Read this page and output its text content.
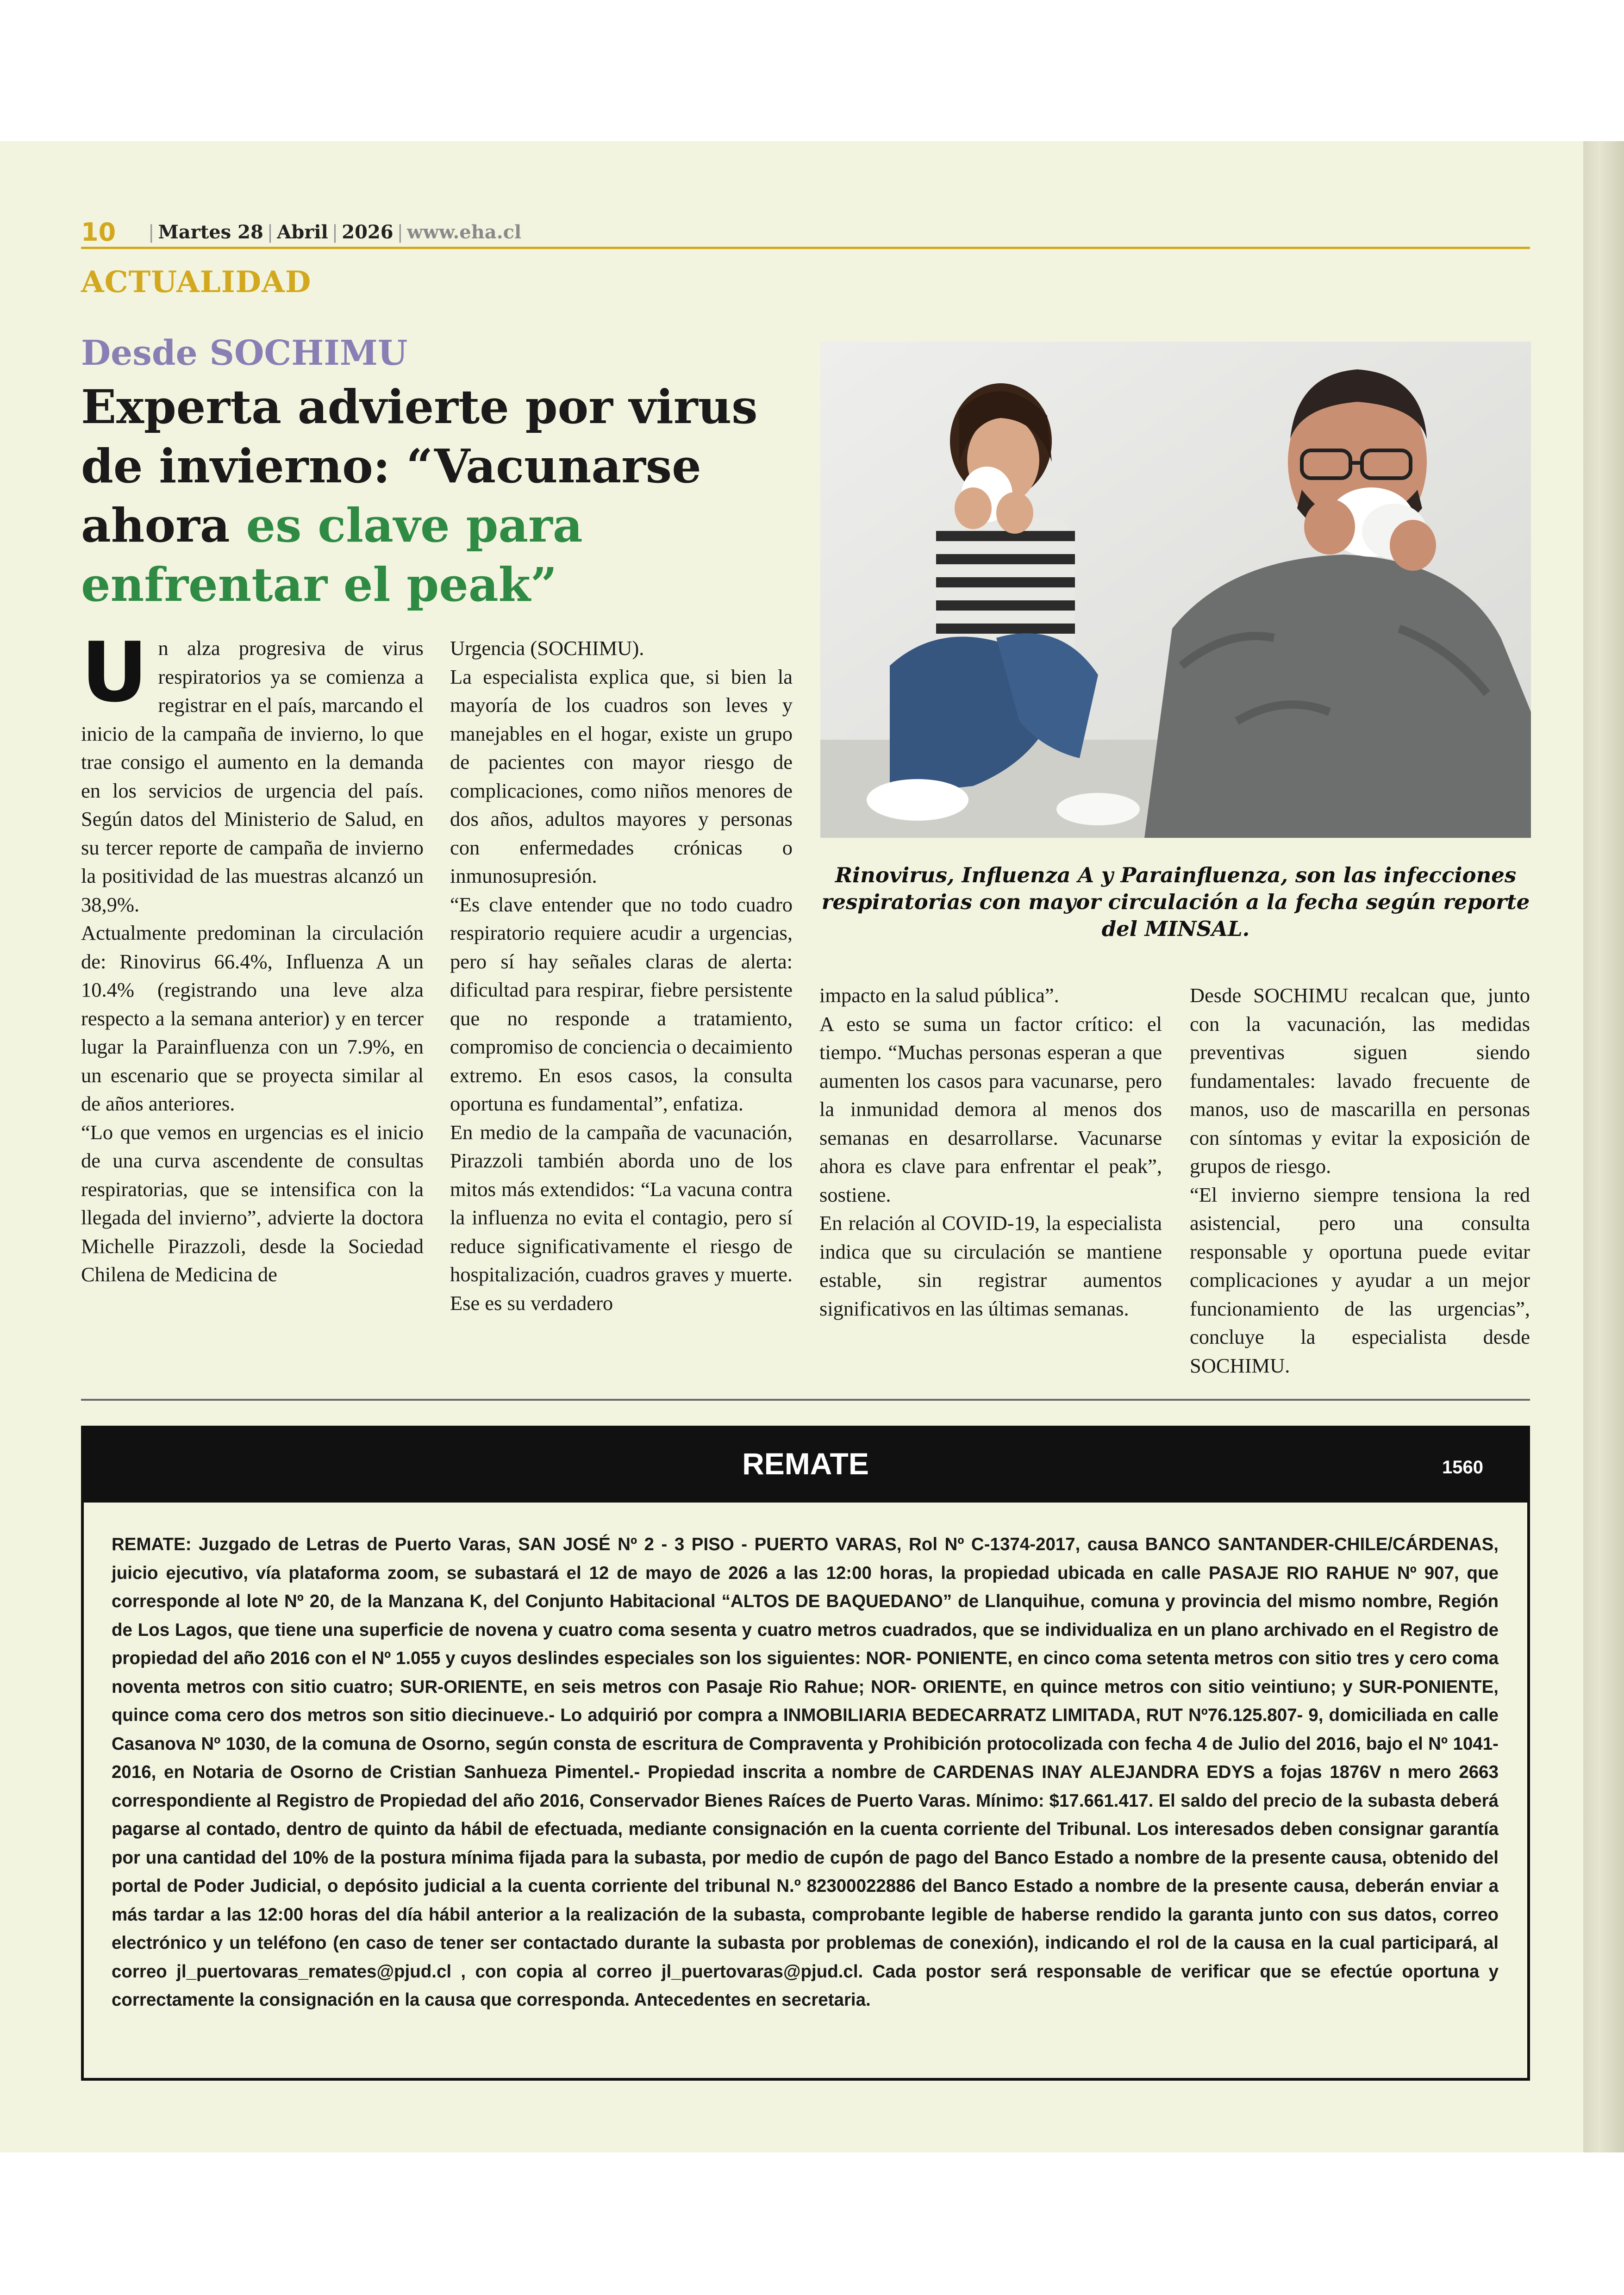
10 | Martes 28 | Abril | 2026 | www.eha.cl
ACTUALIDAD
Desde SOCHIMU
Experta advierte por virus de invierno: “Vacunarse ahora es clave para enfrentar el peak”
U n alza progresiva de virus respiratorios ya se comienza a registrar en el país, marcando el inicio de la campaña de invierno, lo que trae consigo el aumento en la demanda en los servicios de urgencia del país. Según datos del Ministerio de Salud, en su tercer reporte de campaña de invierno la positividad de las muestras alcanzó un 38,9%.

Actualmente predominan la circulación de: Rinovirus 66.4%, Influenza A un 10.4% (registrando una leve alza respecto a la semana anterior) y en tercer lugar la Parainfluenza con un 7.9%, en un escenario que se proyecta similar al de años anteriores.

“Lo que vemos en urgencias es el inicio de una curva ascendente de consultas respiratorias, que se intensifica con la llegada del invierno”, advierte la doctora Michelle Pirazzoli, desde la Sociedad Chilena de Medicina de

Urgencia (SOCHIMU).

La especialista explica que, si bien la mayoría de los cuadros son leves y manejables en el hogar, existe un grupo de pacientes con mayor riesgo de complicaciones, como niños menores de dos años, adultos mayores y personas con enfermedades crónicas o inmunosupresión.

“Es clave entender que no todo cuadro respiratorio requiere acudir a urgencias, pero sí hay señales claras de alerta: dificultad para respirar, fiebre persistente que no responde a tratamiento, compromiso de conciencia o decaimiento extremo. En esos casos, la consulta oportuna es fundamental”, enfatiza.

En medio de la campaña de vacunación, Pirazzoli también aborda uno de los mitos más extendidos: “La vacuna contra la influenza no evita el contagio, pero sí reduce significativamente el riesgo de hospitalización, cuadros graves y muerte. Ese es su verdadero

Rinovirus, Influenza A y Parainfluenza, son las infecciones respiratorias con mayor circulación a la fecha según reporte del MINSAL.

impacto en la salud pública”.

A esto se suma un factor crítico: el tiempo. “Muchas personas esperan a que aumenten los casos para vacunarse, pero la inmunidad demora al menos dos semanas en desarrollarse. Vacunarse ahora es clave para enfrentar el peak”, sostiene.

En relación al COVID-19, la especialista indica que su circulación se mantiene estable, sin registrar aumentos significativos en las últimas semanas.

Desde SOCHIMU recalcan que, junto con la vacunación, las medidas preventivas siguen siendo fundamentales: lavado frecuente de manos, uso de mascarilla en personas con síntomas y evitar la exposición de grupos de riesgo.

“El invierno siempre tensiona la red asistencial, pero una consulta responsable y oportuna puede evitar complicaciones y ayudar a un mejor funcionamiento de las urgencias”, concluye la especialista desde SOCHIMU.

REMATE	1560

REMATE: Juzgado de Letras de Puerto Varas, SAN JOSÉ Nº 2 - 3 PISO - PUERTO VARAS, Rol Nº C-1374-2017, causa BANCO SANTANDER-CHILE/CÁRDENAS, juicio ejecutivo, vía plataforma zoom, se subastará el 12 de mayo de 2026 a las 12:00 horas, la propiedad ubicada en calle PASAJE RIO RAHUE Nº 907, que corresponde al lote Nº 20, de la Manzana K, del Conjunto Habitacional “ALTOS DE BAQUEDANO” de Llanquihue, comuna y provincia del mismo nombre, Región de Los Lagos, que tiene una superficie de novena y cuatro coma sesenta y cuatro metros cuadrados, que se individualiza en un plano archivado en el Registro de propiedad del año 2016 con el Nº 1.055 y cuyos deslindes especiales son los siguientes: NOR- PONIENTE, en cinco coma setenta metros con sitio tres y cero coma noventa metros con sitio cuatro; SUR-ORIENTE, en seis metros con Pasaje Rio Rahue; NOR- ORIENTE, en quince metros con sitio veintiuno; y SUR-PONIENTE, quince coma cero dos metros son sitio diecinueve.- Lo adquirió por compra a INMOBILIARIA BEDECARRATZ LIMITADA, RUT Nº76.125.807- 9, domiciliada en calle Casanova Nº 1030, de la comuna de Osorno, según consta de escritura de Compraventa y Prohibición protocolizada con fecha 4 de Julio del 2016, bajo el Nº 1041-2016, en Notaria de Osorno de Cristian Sanhueza Pimentel.- Propiedad inscrita a nombre de CARDENAS INAY ALEJANDRA EDYS a fojas 1876V n mero 2663 correspondiente al Registro de Propiedad del año 2016, Conservador Bienes Raíces de Puerto Varas. Mínimo: $17.661.417. El saldo del precio de la subasta deberá pagarse al contado, dentro de quinto da hábil de efectuada, mediante consignación en la cuenta corriente del Tribunal. Los interesados deben consignar garantía por una cantidad del 10% de la postura mínima fijada para la subasta, por medio de cupón de pago del Banco Estado a nombre de la presente causa, obtenido del portal de Poder Judicial, o depósito judicial a la cuenta corriente del tribunal N.º 82300022886 del Banco Estado a nombre de la presente causa, deberán enviar a más tardar a las 12:00 horas del día hábil anterior a la realización de la subasta, comprobante legible de haberse rendido la garanta junto con sus datos, correo electrónico y un teléfono (en caso de tener ser contactado durante la subasta por problemas de conexión), indicando el rol de la causa en la cual participará, al correo jl_puertovaras_remates@pjud.cl , con copia al correo jl_puertovaras@pjud.cl. Cada postor será responsable de verificar que se efectúe oportuna y correctamente la consignación en la causa que corresponda. Antecedentes en secretaria.
